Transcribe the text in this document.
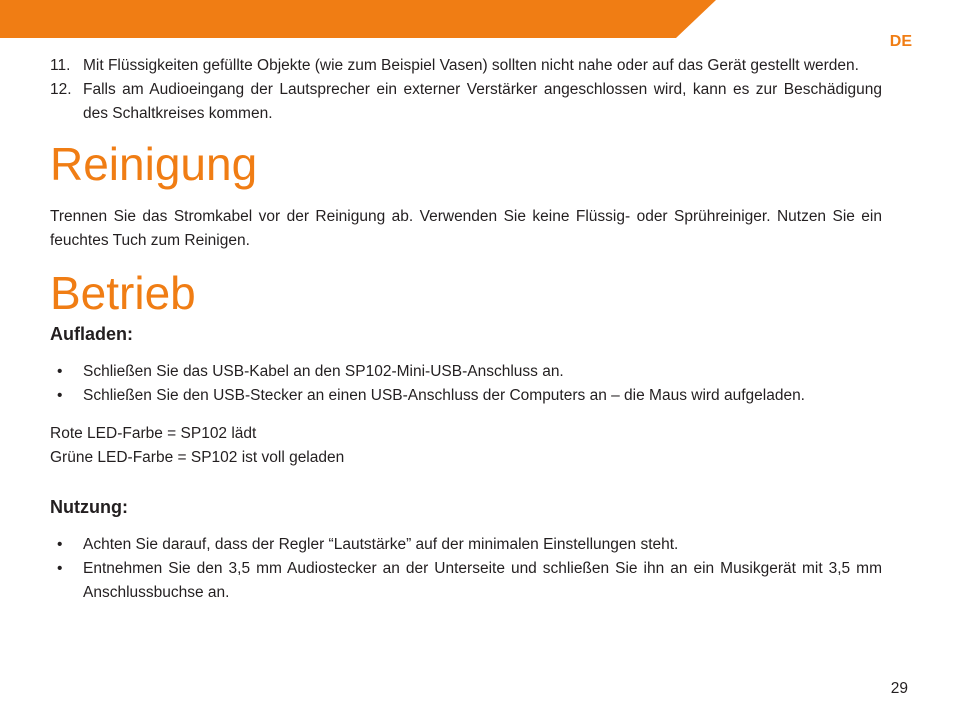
DE
11. Mit Flüssigkeiten gefüllte Objekte (wie zum Beispiel Vasen) sollten nicht nahe oder auf das Gerät gestellt werden.
12. Falls am Audioeingang der Lautsprecher ein externer Verstärker angeschlossen wird, kann es zur Beschädigung des Schaltkreises kommen.
Reinigung

Trennen Sie das Stromkabel vor der Reinigung ab. Verwenden Sie keine Flüssig- oder Sprühreiniger. Nutzen Sie ein feuchtes Tuch zum Reinigen.

Betrieb
Aufladen:
• Schließen Sie das USB-Kabel an den SP102-Mini-USB-Anschluss an.
• Schließen Sie den USB-Stecker an einen USB-Anschluss der Computers an – die Maus wird aufgeladen.

Rote LED-Farbe = SP102 lädt

Grüne LED-Farbe = SP102 ist voll geladen

Nutzung:
• Achten Sie darauf, dass der Regler “Lautstärke” auf der minimalen Einstellungen steht.
• Entnehmen Sie den 3,5 mm Audiostecker an der Unterseite und schließen Sie ihn an ein Musikgerät mit 3,5 mm Anschlussbuchse an.
29
